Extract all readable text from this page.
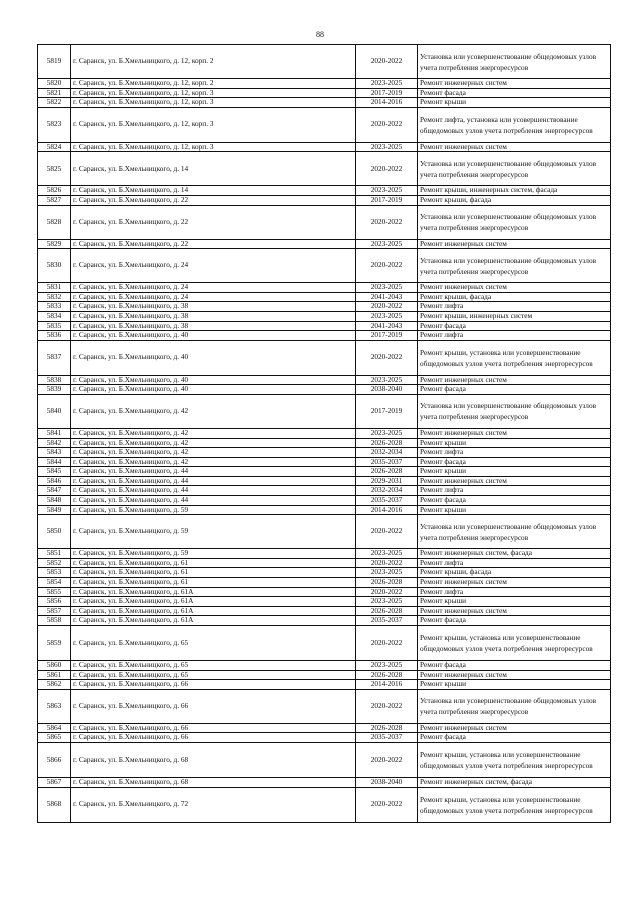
88
5819	г. Саранск, ул. Б.Хмельницкого, д. 12, корп. 2	2020-2022	Установка или усовершенствование общедомовых узлов учета потребления энергоресурсов
5820	г. Саранск, ул. Б.Хмельницкого, д. 12, корп. 2	2023-2025	Ремонт инженерных систем
5821	г. Саранск, ул. Б.Хмельницкого, д. 12, корп. 3	2017-2019	Ремонт фасада
5822	г. Саранск, ул. Б.Хмельницкого, д. 12, корп. 3	2014-2016	Ремонт крыши
5823	г. Саранск, ул. Б.Хмельницкого, д. 12, корп. 3	2020-2022	Ремонт лифта, установка или усовершенствование общедомовых узлов учета потребления энергоресурсов
5824	г. Саранск, ул. Б.Хмельницкого, д. 12, корп. 3	2023-2025	Ремонт инженерных систем
5825	г. Саранск, ул. Б.Хмельницкого, д. 14	2020-2022	Установка или усовершенствование общедомовых узлов учета потребления энергоресурсов
5826	г. Саранск, ул. Б.Хмельницкого, д. 14	2023-2025	Ремонт крыши, инженерных систем, фасада
5827	г. Саранск, ул. Б.Хмельницкого, д. 22	2017-2019	Ремонт крыши, фасада
5828	г. Саранск, ул. Б.Хмельницкого, д. 22	2020-2022	Установка или усовершенствование общедомовых узлов учета потребления энергоресурсов
5829	г. Саранск, ул. Б.Хмельницкого, д. 22	2023-2025	Ремонт инженерных систем
5830	г. Саранск, ул. Б.Хмельницкого, д. 24	2020-2022	Установка или усовершенствование общедомовых узлов учета потребления энергоресурсов
5831	г. Саранск, ул. Б.Хмельницкого, д. 24	2023-2025	Ремонт инженерных систем
5832	г. Саранск, ул. Б.Хмельницкого, д. 24	2041-2043	Ремонт крыши, фасада
5833	г. Саранск, ул. Б.Хмельницкого, д. 38	2020-2022	Ремонт лифта
5834	г. Саранск, ул. Б.Хмельницкого, д. 38	2023-2025	Ремонт крыши, инженерных систем
5835	г. Саранск, ул. Б.Хмельницкого, д. 38	2041-2043	Ремонт фасада
5836	г. Саранск, ул. Б.Хмельницкого, д. 40	2017-2019	Ремонт лифта
5837	г. Саранск, ул. Б.Хмельницкого, д. 40	2020-2022	Ремонт крыши, установка или усовершенствование общедомовых узлов учета потребления энергоресурсов
5838	г. Саранск, ул. Б.Хмельницкого, д. 40	2023-2025	Ремонт инженерных систем
5839	г. Саранск, ул. Б.Хмельницкого, д. 40	2038-2040	Ремонт фасада
5840	г. Саранск, ул. Б.Хмельницкого, д. 42	2017-2019	Установка или усовершенствование общедомовых узлов учета потребления энергоресурсов
5841	г. Саранск, ул. Б.Хмельницкого, д. 42	2023-2025	Ремонт инженерных систем
5842	г. Саранск, ул. Б.Хмельницкого, д. 42	2026-2028	Ремонт крыши
5843	г. Саранск, ул. Б.Хмельницкого, д. 42	2032-2034	Ремонт лифта
5844	г. Саранск, ул. Б.Хмельницкого, д. 42	2035-2037	Ремонт фасада
5845	г. Саранск, ул. Б.Хмельницкого, д. 44	2026-2028	Ремонт крыши
5846	г. Саранск, ул. Б.Хмельницкого, д. 44	2029-2031	Ремонт инженерных систем
5847	г. Саранск, ул. Б.Хмельницкого, д. 44	2032-2034	Ремонт лифта
5848	г. Саранск, ул. Б.Хмельницкого, д. 44	2035-2037	Ремонт фасада
5849	г. Саранск, ул. Б.Хмельницкого, д. 59	2014-2016	Ремонт крыши
5850	г. Саранск, ул. Б.Хмельницкого, д. 59	2020-2022	Установка или усовершенствование общедомовых узлов учета потребления энергоресурсов
5851	г. Саранск, ул. Б.Хмельницкого, д. 59	2023-2025	Ремонт инженерных систем, фасада
5852	г. Саранск, ул. Б.Хмельницкого, д. 61	2020-2022	Ремонт лифта
5853	г. Саранск, ул. Б.Хмельницкого, д. 61	2023-2025	Ремонт крыши, фасада
5854	г. Саранск, ул. Б.Хмельницкого, д. 61	2026-2028	Ремонт инженерных систем
5855	г. Саранск, ул. Б.Хмельницкого, д. 61А	2020-2022	Ремонт лифта
5856	г. Саранск, ул. Б.Хмельницкого, д. 61А	2023-2025	Ремонт крыши
5857	г. Саранск, ул. Б.Хмельницкого, д. 61А	2026-2028	Ремонт инженерных систем
5858	г. Саранск, ул. Б.Хмельницкого, д. 61А	2035-2037	Ремонт фасада
5859	г. Саранск, ул. Б.Хмельницкого, д. 65	2020-2022	Ремонт крыши, установка или усовершенствование общедомовых узлов учета потребления энергоресурсов
5860	г. Саранск, ул. Б.Хмельницкого, д. 65	2023-2025	Ремонт фасада
5861	г. Саранск, ул. Б.Хмельницкого, д. 65	2026-2028	Ремонт инженерных систем
5862	г. Саранск, ул. Б.Хмельницкого, д. 66	2014-2016	Ремонт крыши
5863	г. Саранск, ул. Б.Хмельницкого, д. 66	2020-2022	Установка или усовершенствование общедомовых узлов учета потребления энергоресурсов
5864	г. Саранск, ул. Б.Хмельницкого, д. 66	2026-2028	Ремонт инженерных систем
5865	г. Саранск, ул. Б.Хмельницкого, д. 66	2035-2037	Ремонт фасада
5866	г. Саранск, ул. Б.Хмельницкого, д. 68	2020-2022	Ремонт крыши, установка или усовершенствование общедомовых узлов учета потребления энергоресурсов
5867	г. Саранск, ул. Б.Хмельницкого, д. 68	2038-2040	Ремонт инженерных систем, фасада
5868	г. Саранск, ул. Б.Хмельницкого, д. 72	2020-2022	Ремонт крыши, установка или усовершенствование общедомовых узлов учета потребления энергоресурсов
